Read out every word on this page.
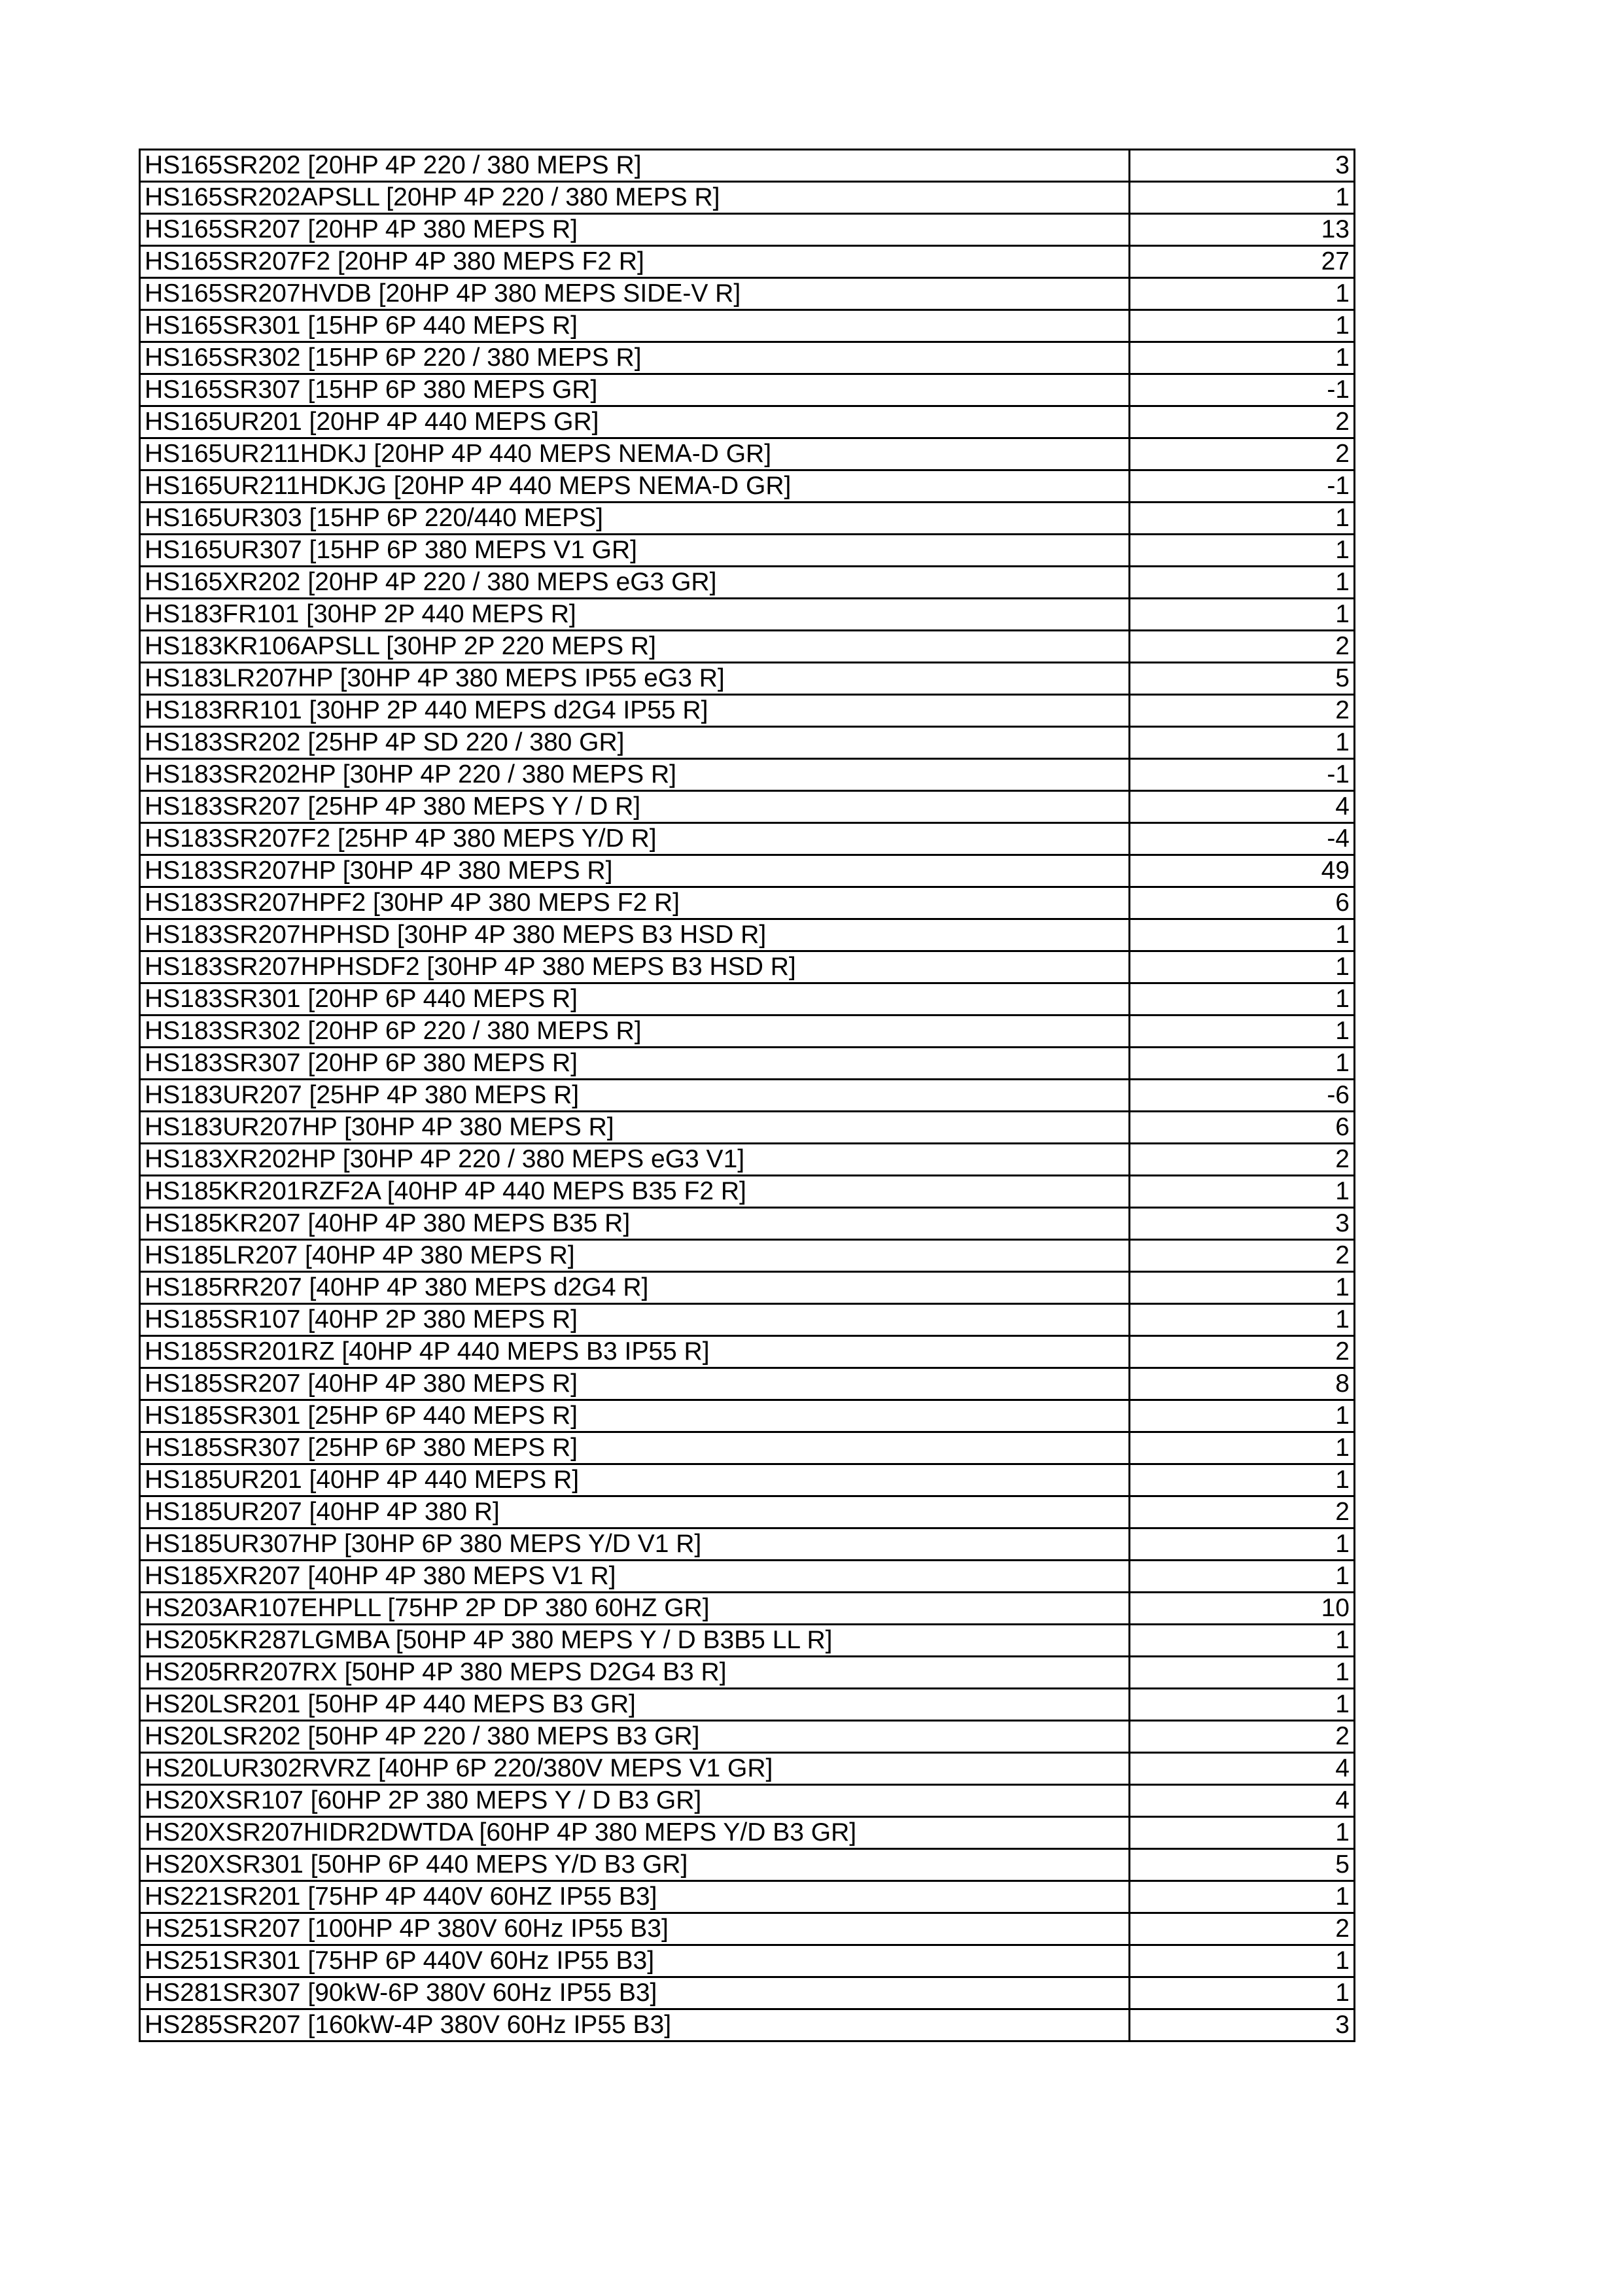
HS165SR202 [20HP 4P 220 / 380 MEPS R]	3
HS165SR202APSLL [20HP 4P 220 / 380 MEPS R]	1
HS165SR207 [20HP 4P 380 MEPS R]	13
HS165SR207F2 [20HP 4P 380 MEPS F2 R]	27
HS165SR207HVDB [20HP 4P 380 MEPS SIDE-V R]	1
HS165SR301 [15HP 6P 440 MEPS R]	1
HS165SR302 [15HP 6P 220 / 380 MEPS R]	1
HS165SR307 [15HP 6P 380 MEPS GR]	-1
HS165UR201 [20HP 4P 440 MEPS GR]	2
HS165UR211HDKJ [20HP 4P 440 MEPS NEMA-D GR]	2
HS165UR211HDKJG [20HP 4P 440 MEPS NEMA-D GR]	-1
HS165UR303 [15HP 6P 220/440 MEPS]	1
HS165UR307 [15HP 6P 380 MEPS V1 GR]	1
HS165XR202 [20HP 4P 220 / 380 MEPS eG3 GR]	1
HS183FR101 [30HP 2P 440 MEPS R]	1
HS183KR106APSLL [30HP 2P 220 MEPS R]	2
HS183LR207HP [30HP 4P 380 MEPS IP55 eG3 R]	5
HS183RR101 [30HP 2P 440 MEPS d2G4 IP55 R]	2
HS183SR202 [25HP 4P SD 220 / 380 GR]	1
HS183SR202HP [30HP 4P 220 / 380 MEPS R]	-1
HS183SR207 [25HP 4P 380 MEPS Y / D R]	4
HS183SR207F2 [25HP 4P 380 MEPS Y/D R]	-4
HS183SR207HP [30HP 4P 380 MEPS R]	49
HS183SR207HPF2 [30HP 4P 380 MEPS F2 R]	6
HS183SR207HPHSD [30HP 4P 380 MEPS B3 HSD R]	1
HS183SR207HPHSDF2 [30HP 4P 380 MEPS B3 HSD R]	1
HS183SR301 [20HP 6P 440 MEPS R]	1
HS183SR302 [20HP 6P 220 / 380 MEPS R]	1
HS183SR307 [20HP 6P 380 MEPS R]	1
HS183UR207 [25HP 4P 380 MEPS R]	-6
HS183UR207HP [30HP 4P 380 MEPS R]	6
HS183XR202HP [30HP 4P 220 / 380 MEPS eG3 V1]	2
HS185KR201RZF2A [40HP 4P 440 MEPS B35 F2 R]	1
HS185KR207 [40HP 4P 380 MEPS B35 R]	3
HS185LR207 [40HP 4P 380 MEPS R]	2
HS185RR207 [40HP 4P 380 MEPS d2G4 R]	1
HS185SR107 [40HP 2P 380 MEPS R]	1
HS185SR201RZ [40HP 4P 440 MEPS B3 IP55 R]	2
HS185SR207 [40HP 4P 380 MEPS R]	8
HS185SR301 [25HP 6P 440 MEPS R]	1
HS185SR307 [25HP 6P 380 MEPS R]	1
HS185UR201 [40HP 4P 440 MEPS R]	1
HS185UR207 [40HP 4P 380 R]	2
HS185UR307HP [30HP 6P 380 MEPS Y/D V1 R]	1
HS185XR207 [40HP 4P 380 MEPS V1 R]	1
HS203AR107EHPLL [75HP 2P DP 380 60HZ GR]	10
HS205KR287LGMBA [50HP 4P 380 MEPS Y / D B3B5 LL R]	1
HS205RR207RX [50HP 4P 380 MEPS D2G4 B3 R]	1
HS20LSR201 [50HP 4P 440 MEPS B3 GR]	1
HS20LSR202 [50HP 4P 220 / 380 MEPS B3 GR]	2
HS20LUR302RVRZ [40HP 6P 220/380V MEPS V1 GR]	4
HS20XSR107 [60HP 2P 380 MEPS Y / D B3 GR]	4
HS20XSR207HIDR2DWTDA [60HP 4P 380 MEPS Y/D B3 GR]	1
HS20XSR301 [50HP 6P 440 MEPS Y/D B3 GR]	5
HS221SR201 [75HP 4P 440V 60HZ IP55 B3]	1
HS251SR207 [100HP 4P 380V 60Hz IP55 B3]	2
HS251SR301 [75HP 6P 440V 60Hz IP55 B3]	1
HS281SR307 [90kW-6P 380V 60Hz IP55 B3]	1
HS285SR207 [160kW-4P 380V 60Hz IP55 B3]	3
